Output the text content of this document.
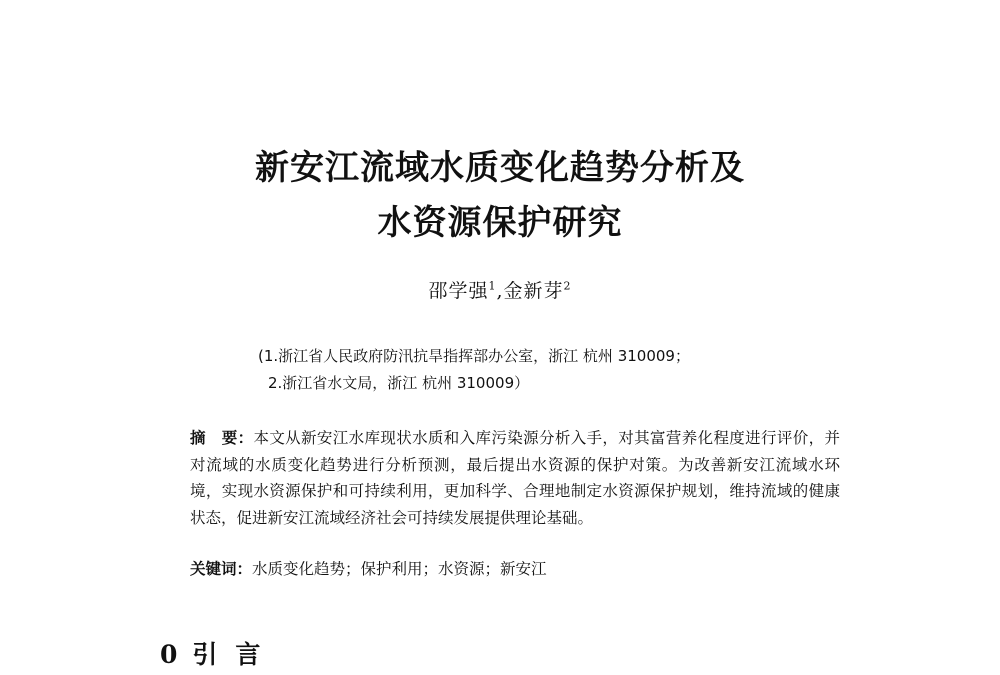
新安江流域水质变化趋势分析及
水资源保护研究
邵学强$^1$,金新芽$^2$
(1.浙江省人民政府防汛抗旱指挥部办公室，浙江 杭州 310009；
2.浙江省水文局，浙江 杭州 310009）
摘　要：本文从新安江水库现状水质和入库污染源分析入手，对其富营养化程度进行评价，并对流域的水质变化趋势进行分析预测，最后提出水资源的保护对策。为改善新安江流域水环境，实现水资源保护和可持续利用，更加科学、合理地制定水资源保护规划，维持流域的健康状态，促进新安江流域经济社会可持续发展提供理论基础。
关键词：水质变化趋势；保护利用；水资源；新安江
0 引言
